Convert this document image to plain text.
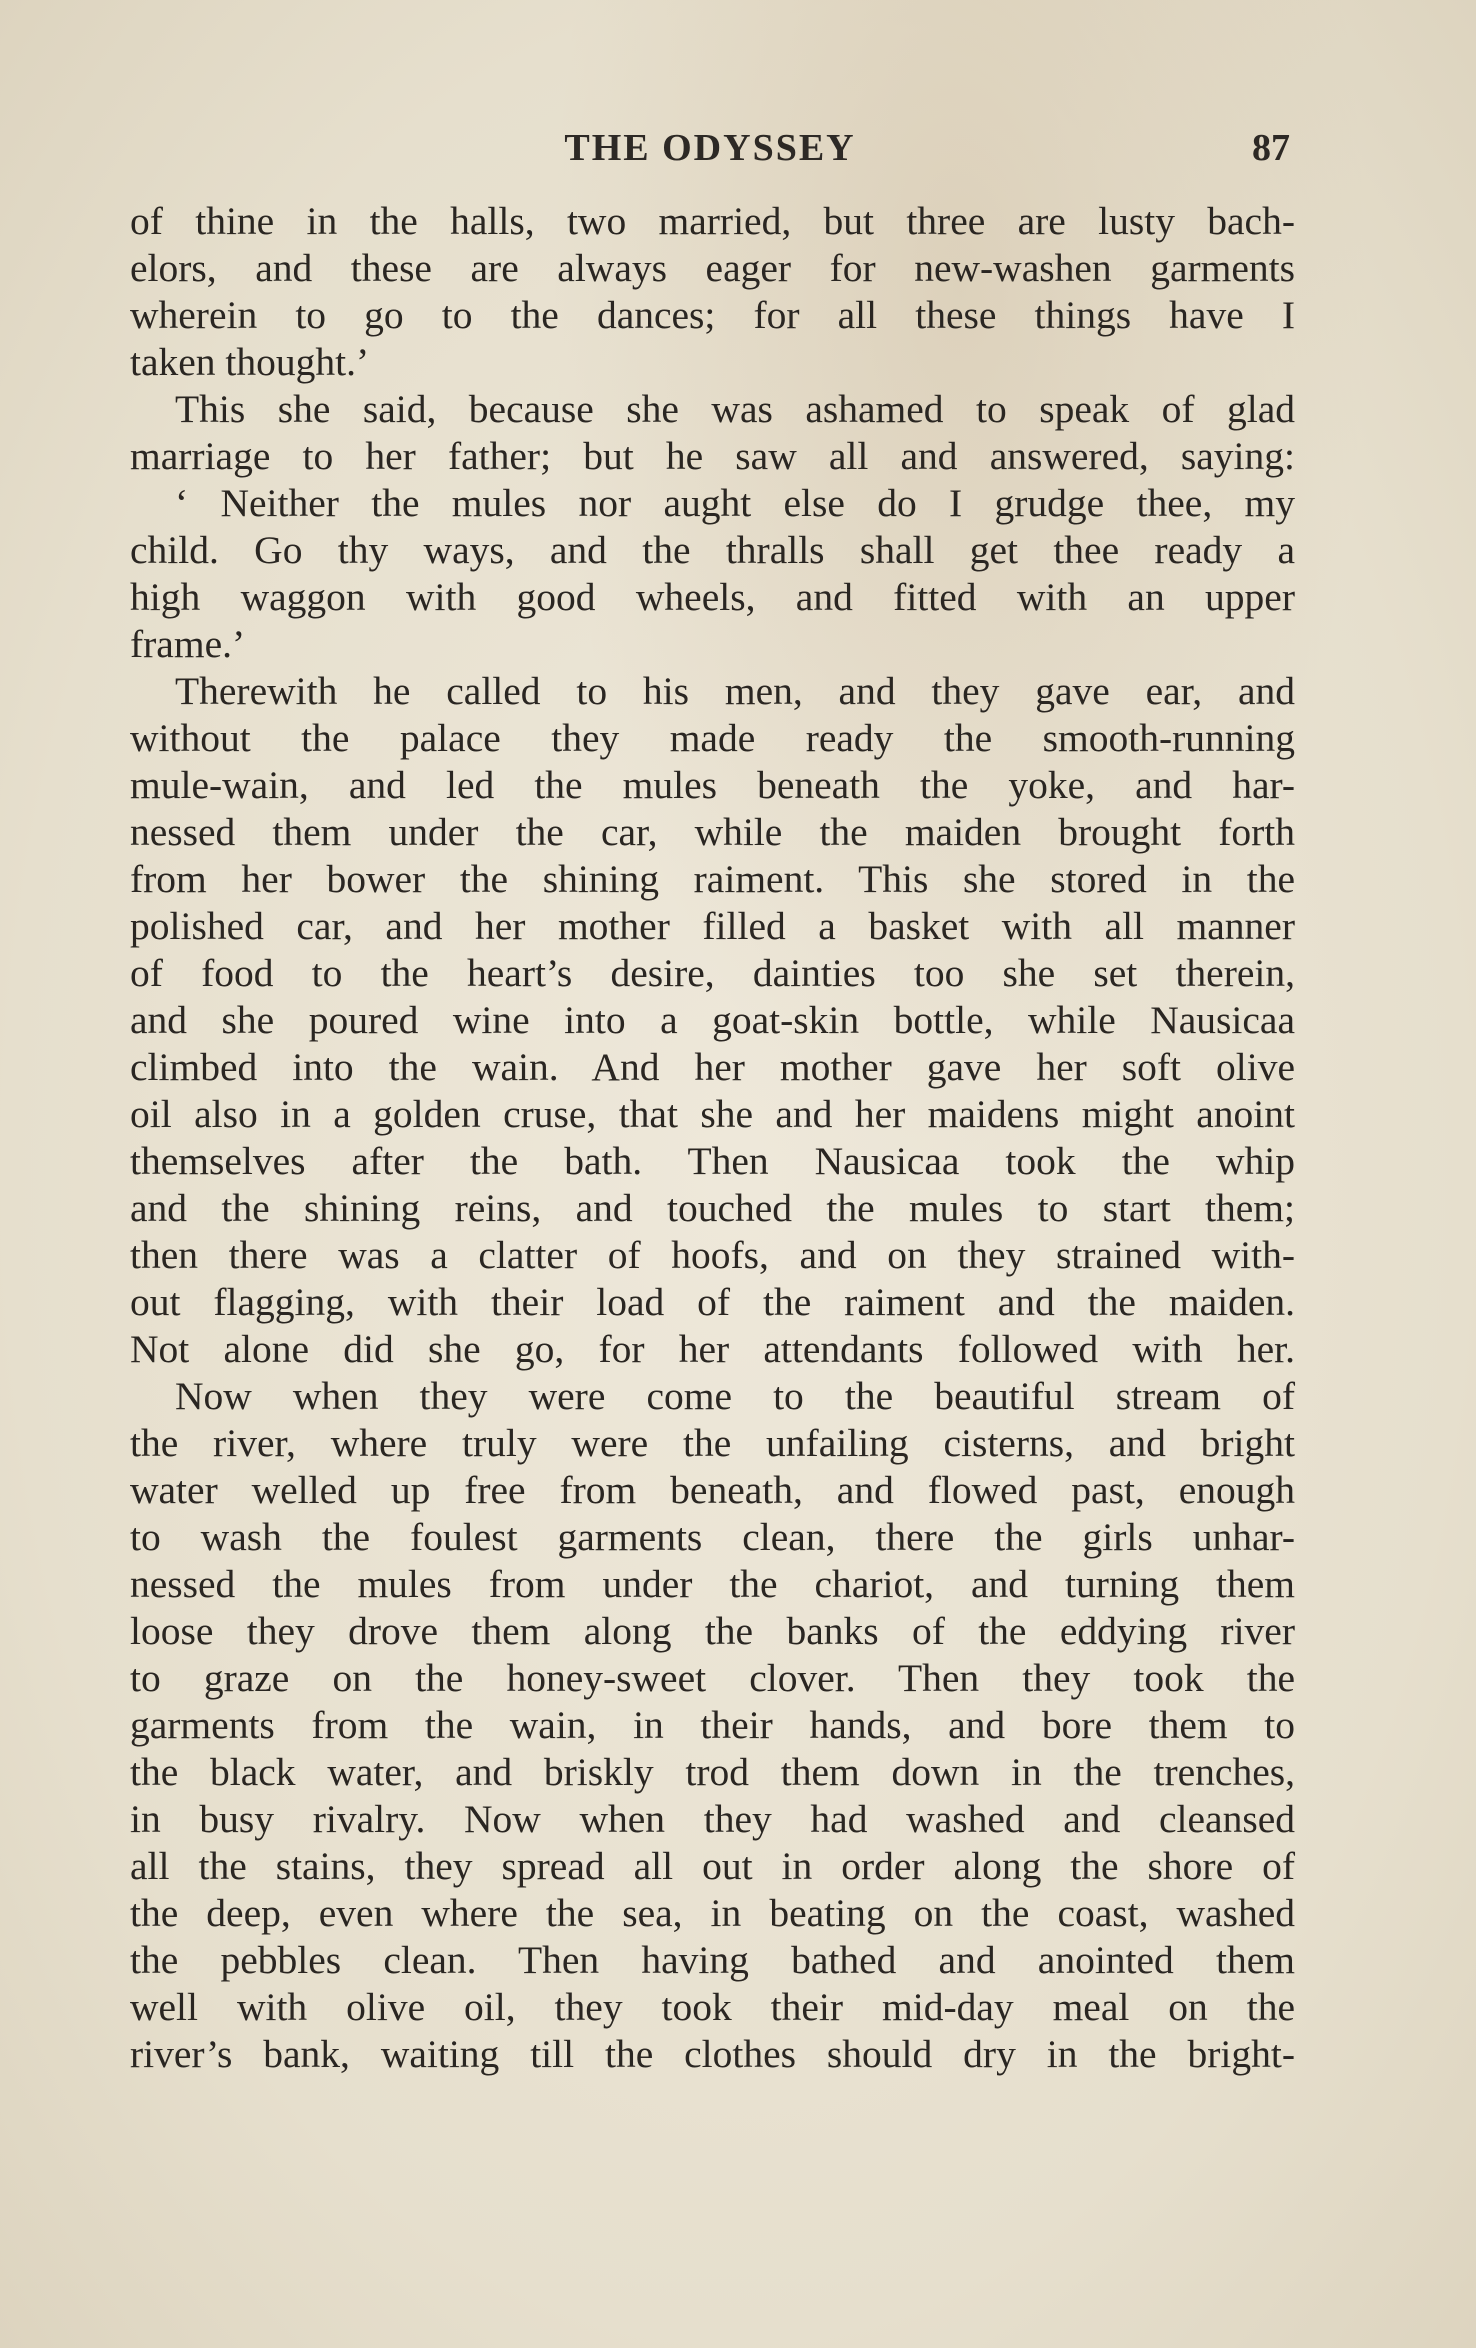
THE ODYSSEY	87
of thine in the halls, two married, but three are lusty bach-
elors, and these are always eager for new-washen garments
wherein to go to the dances; for all these things have I
taken thought.’
This she said, because she was ashamed to speak of glad
marriage to her father; but he saw all and answered, saying:
‘ Neither the mules nor aught else do I grudge thee, my
child. Go thy ways, and the thralls shall get thee ready a
high waggon with good wheels, and fitted with an upper
frame.’
Therewith he called to his men, and they gave ear, and
without the palace they made ready the smooth-running
mule-wain, and led the mules beneath the yoke, and har-
nessed them under the car, while the maiden brought forth
from her bower the shining raiment. This she stored in the
polished car, and her mother filled a basket with all manner
of food to the heart’s desire, dainties too she set therein,
and she poured wine into a goat-skin bottle, while Nausicaa
climbed into the wain. And her mother gave her soft olive
oil also in a golden cruse, that she and her maidens might anoint
themselves after the bath. Then Nausicaa took the whip
and the shining reins, and touched the mules to start them;
then there was a clatter of hoofs, and on they strained with-
out flagging, with their load of the raiment and the maiden.
Not alone did she go, for her attendants followed with her.
Now when they were come to the beautiful stream of
the river, where truly were the unfailing cisterns, and bright
water welled up free from beneath, and flowed past, enough
to wash the foulest garments clean, there the girls unhar-
nessed the mules from under the chariot, and turning them
loose they drove them along the banks of the eddying river
to graze on the honey-sweet clover. Then they took the
garments from the wain, in their hands, and bore them to
the black water, and briskly trod them down in the trenches,
in busy rivalry. Now when they had washed and cleansed
all the stains, they spread all out in order along the shore of
the deep, even where the sea, in beating on the coast, washed
the pebbles clean. Then having bathed and anointed them
well with olive oil, they took their mid-day meal on the
river’s bank, waiting till the clothes should dry in the bright-
